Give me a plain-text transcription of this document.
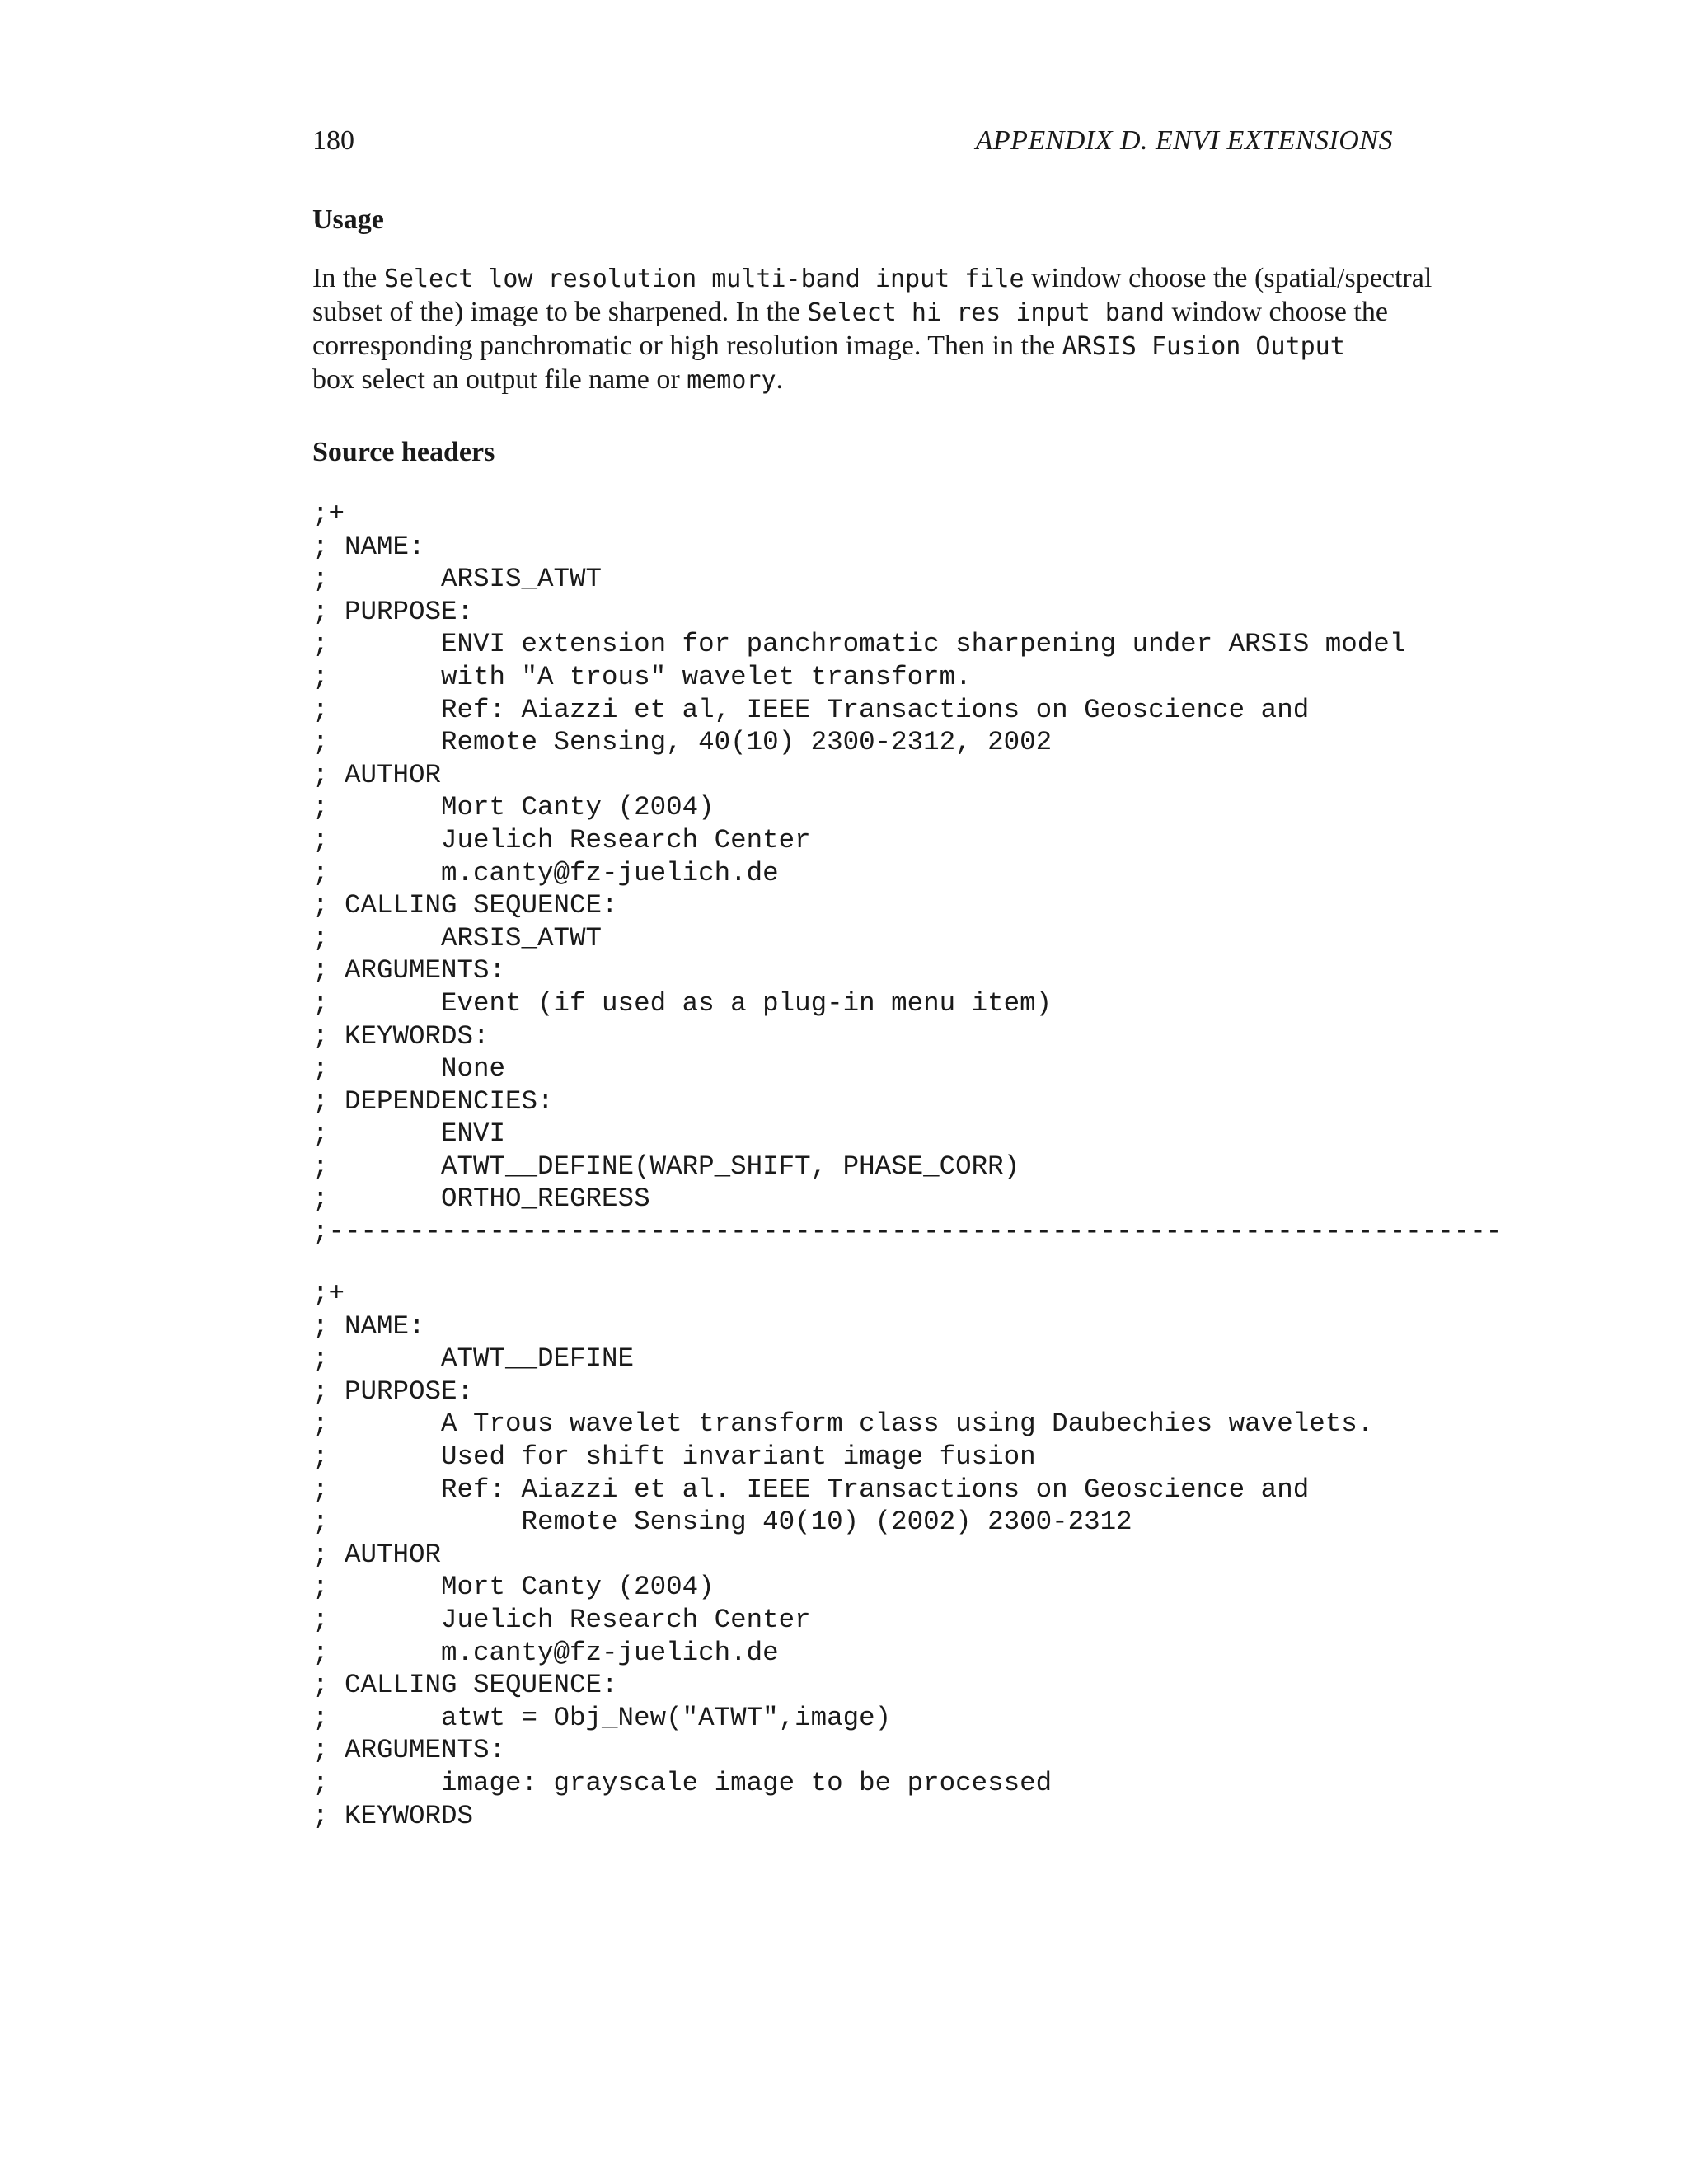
180	APPENDIX D. ENVI EXTENSIONS
Usage
In the Select low resolution multi-band input file window choose the (spatial/spectral
subset of the) image to be sharpened. In the Select hi res input band window choose the
corresponding panchromatic or high resolution image. Then in the ARSIS Fusion Output
box select an output file name or memory.
Source headers
;+
; NAME:
;       ARSIS_ATWT
; PURPOSE:
;       ENVI extension for panchromatic sharpening under ARSIS model
;       with "A trous" wavelet transform.
;       Ref: Aiazzi et al, IEEE Transactions on Geoscience and
;       Remote Sensing, 40(10) 2300-2312, 2002
; AUTHOR
;       Mort Canty (2004)
;       Juelich Research Center
;       m.canty@fz-juelich.de
; CALLING SEQUENCE:
;       ARSIS_ATWT
; ARGUMENTS:
;       Event (if used as a plug-in menu item)
; KEYWORDS:
;       None
; DEPENDENCIES:
;       ENVI
;       ATWT__DEFINE(WARP_SHIFT, PHASE_CORR)
;       ORTHO_REGRESS
;-------------------------------------------------------------------------
;+
; NAME:
;       ATWT__DEFINE
; PURPOSE:
;       A Trous wavelet transform class using Daubechies wavelets.
;       Used for shift invariant image fusion
;       Ref: Aiazzi et al. IEEE Transactions on Geoscience and
;            Remote Sensing 40(10) (2002) 2300-2312
; AUTHOR
;       Mort Canty (2004)
;       Juelich Research Center
;       m.canty@fz-juelich.de
; CALLING SEQUENCE:
;       atwt = Obj_New("ATWT",image)
; ARGUMENTS:
;       image: grayscale image to be processed
; KEYWORDS
